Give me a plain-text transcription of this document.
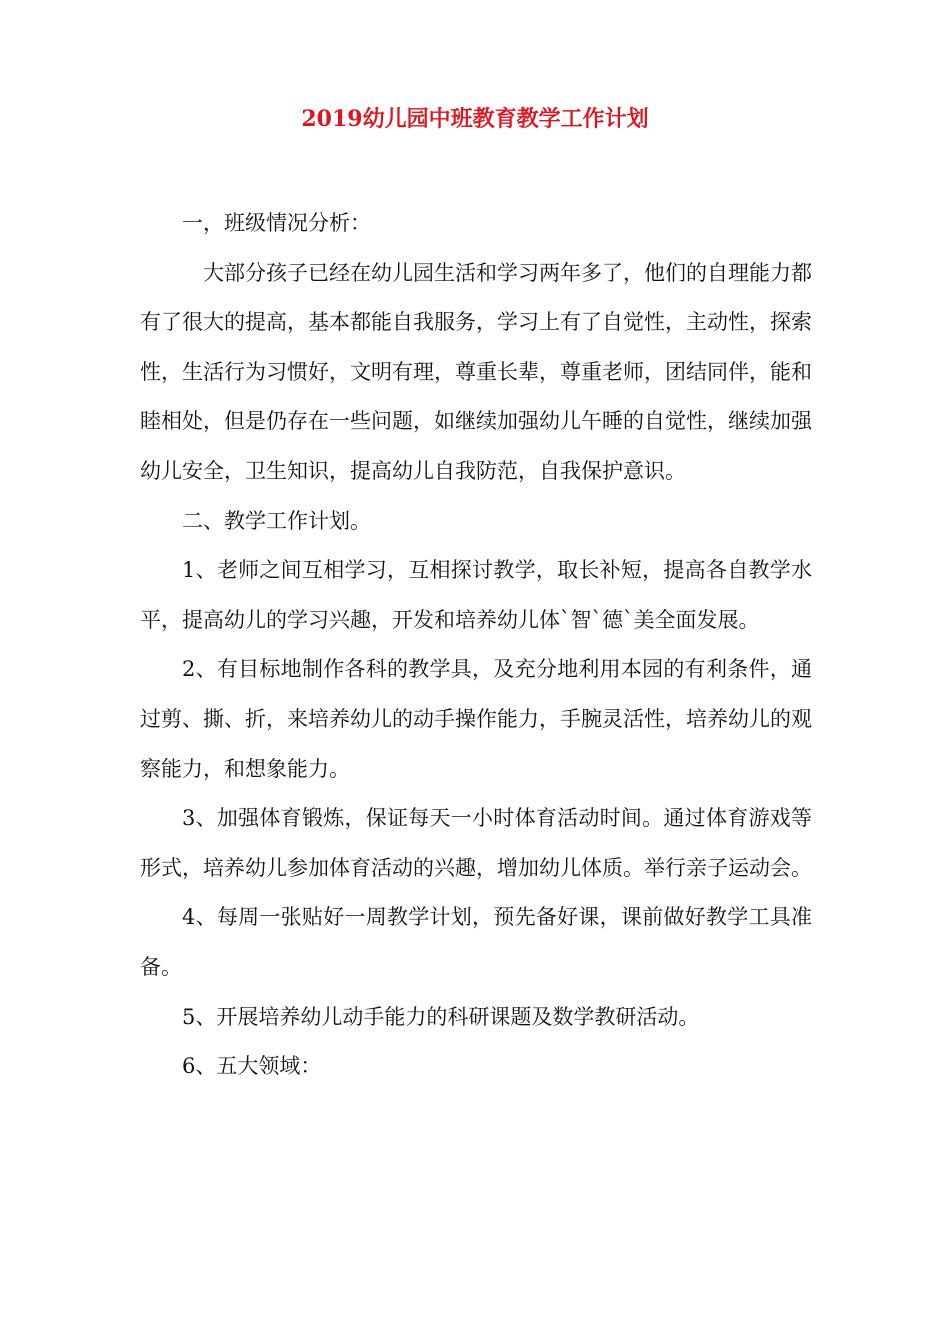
2019幼儿园中班教育教学工作计划

一，班级情况分析：

大部分孩子已经在幼儿园生活和学习两年多了，他们的自理能力都有了很大的提高，基本都能自我服务，学习上有了自觉性，主动性，探索性，生活行为习惯好，文明有理，尊重长辈，尊重老师，团结同伴，能和睦相处，但是仍存在一些问题，如继续加强幼儿午睡的自觉性，继续加强幼儿安全，卫生知识，提高幼儿自我防范，自我保护意识。

二、教学工作计划。

1、老师之间互相学习，互相探讨教学，取长补短，提高各自教学水平，提高幼儿的学习兴趣，开发和培养幼儿体`智`德`美全面发展。

2、有目标地制作各科的教学具，及充分地利用本园的有利条件，通过剪、撕、折，来培养幼儿的动手操作能力，手腕灵活性，培养幼儿的观察能力，和想象能力。

3、加强体育锻炼，保证每天一小时体育活动时间。通过体育游戏等形式，培养幼儿参加体育活动的兴趣，增加幼儿体质。举行亲子运动会。

4、每周一张贴好一周教学计划，预先备好课，课前做好教学工具准备。

5、开展培养幼儿动手能力的科研课题及数学教研活动。

6、五大领域：
